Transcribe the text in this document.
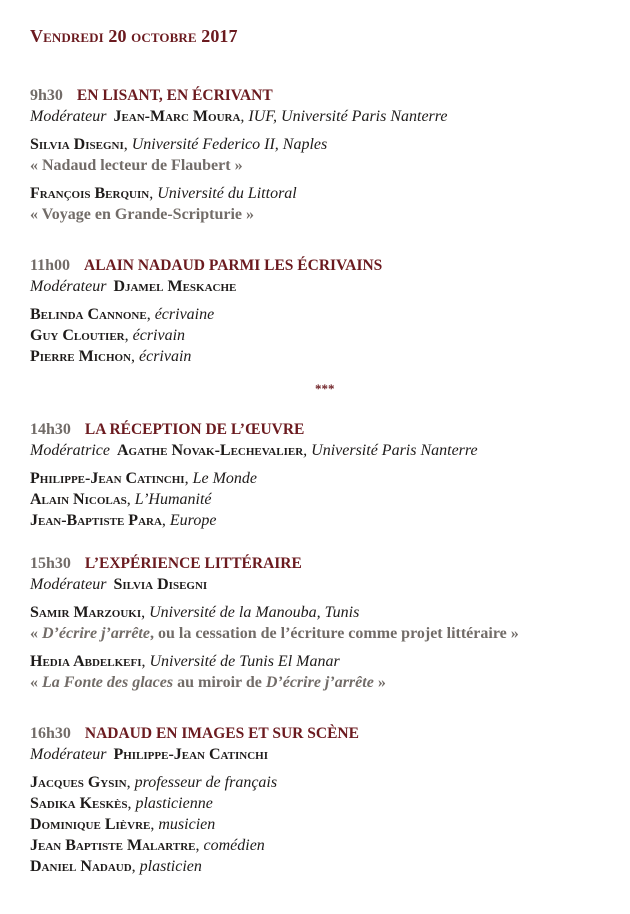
Vendredi 20 octobre 2017
9h30 EN LISANT, EN ÉCRIVANT
Modérateur Jean-Marc Moura, IUF, Université Paris Nanterre
Silvia Disegni, Université Federico II, Naples
« Nadaud lecteur de Flaubert »
François Berquin, Université du Littoral
« Voyage en Grande-Scripturie »
11h00 ALAIN NADAUD PARMI LES ÉCRIVAINS
Modérateur Djamel Meskache
Belinda Cannone, écrivaine
Guy Cloutier, écrivain
Pierre Michon, écrivain
***
14h30 LA RÉCEPTION DE L’ŒUVRE
Modératrice Agathe Novak-Lechevalier, Université Paris Nanterre
Philippe-Jean Catinchi, Le Monde
Alain Nicolas, L’Humanité
Jean-Baptiste Para, Europe
15h30 L’EXPÉRIENCE LITTÉRAIRE
Modérateur Silvia Disegni
Samir Marzouki, Université de la Manouba, Tunis
« D’écrire j’arrête, ou la cessation de l’écriture comme projet littéraire »
Hedia Abdelkefi, Université de Tunis El Manar
« La Fonte des glaces au miroir de D’écrire j’arrête »
16h30 NADAUD EN IMAGES ET SUR SCÈNE
Modérateur Philippe-Jean Catinchi
Jacques Gysin, professeur de français
Sadika Keskès, plasticienne
Dominique Lièvre, musicien
Jean Baptiste Malartre, comédien
Daniel Nadaud, plasticien
